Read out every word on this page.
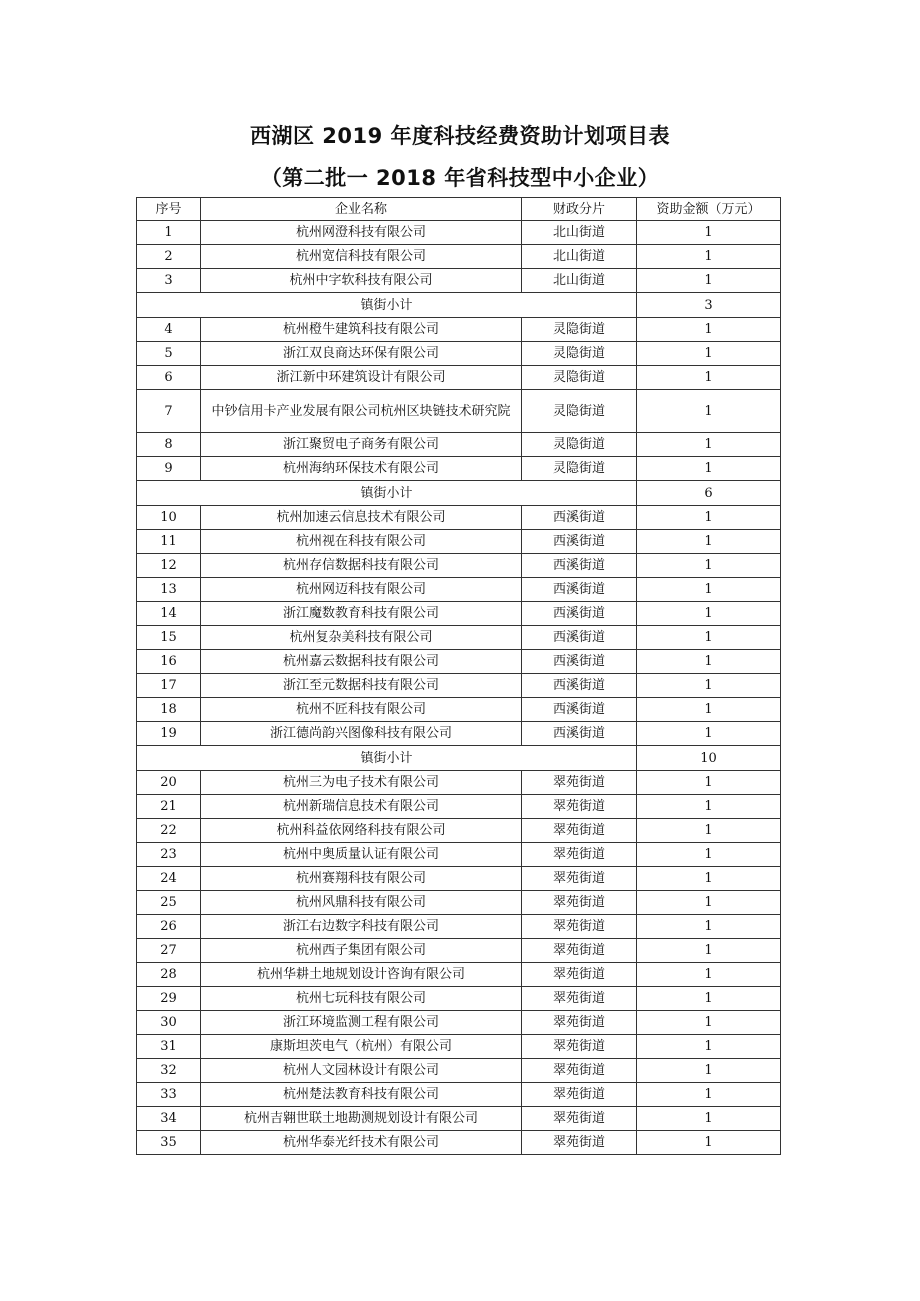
西湖区 2019 年度科技经费资助计划项目表
（第二批一 2018 年省科技型中小企业）
序号	企业名称	财政分片	资助金额（万元）
1	杭州网澄科技有限公司	北山街道	1
2	杭州宽信科技有限公司	北山街道	1
3	杭州中字软科技有限公司	北山街道	1
镇街小计			3
4	杭州橙牛建筑科技有限公司	灵隐街道	1
5	浙江双良商达环保有限公司	灵隐街道	1
6	浙江新中环建筑设计有限公司	灵隐街道	1
7	中钞信用卡产业发展有限公司杭州区块链技术研究院	灵隐街道	1
8	浙江聚贸电子商务有限公司	灵隐街道	1
9	杭州海纳环保技术有限公司	灵隐街道	1
镇街小计			6
10	杭州加速云信息技术有限公司	西溪街道	1
11	杭州视在科技有限公司	西溪街道	1
12	杭州存信数据科技有限公司	西溪街道	1
13	杭州网迈科技有限公司	西溪街道	1
14	浙江魔数教育科技有限公司	西溪街道	1
15	杭州复杂美科技有限公司	西溪街道	1
16	杭州嘉云数据科技有限公司	西溪街道	1
17	浙江至元数据科技有限公司	西溪街道	1
18	杭州不匠科技有限公司	西溪街道	1
19	浙江德尚韵兴图像科技有限公司	西溪街道	1
镇街小计			10
20	杭州三为电子技术有限公司	翠苑街道	1
21	杭州新瑞信息技术有限公司	翠苑街道	1
22	杭州科益依网络科技有限公司	翠苑街道	1
23	杭州中奥质量认证有限公司	翠苑街道	1
24	杭州赛翔科技有限公司	翠苑街道	1
25	杭州风鼎科技有限公司	翠苑街道	1
26	浙江右边数字科技有限公司	翠苑街道	1
27	杭州西子集团有限公司	翠苑街道	1
28	杭州华耕土地规划设计咨询有限公司	翠苑街道	1
29	杭州七玩科技有限公司	翠苑街道	1
30	浙江环境监测工程有限公司	翠苑街道	1
31	康斯坦茨电气（杭州）有限公司	翠苑街道	1
32	杭州人文园林设计有限公司	翠苑街道	1
33	杭州楚法教育科技有限公司	翠苑街道	1
34	杭州吉翱世联土地勘测规划设计有限公司	翠苑街道	1
35	杭州华泰光纤技术有限公司	翠苑街道	1
